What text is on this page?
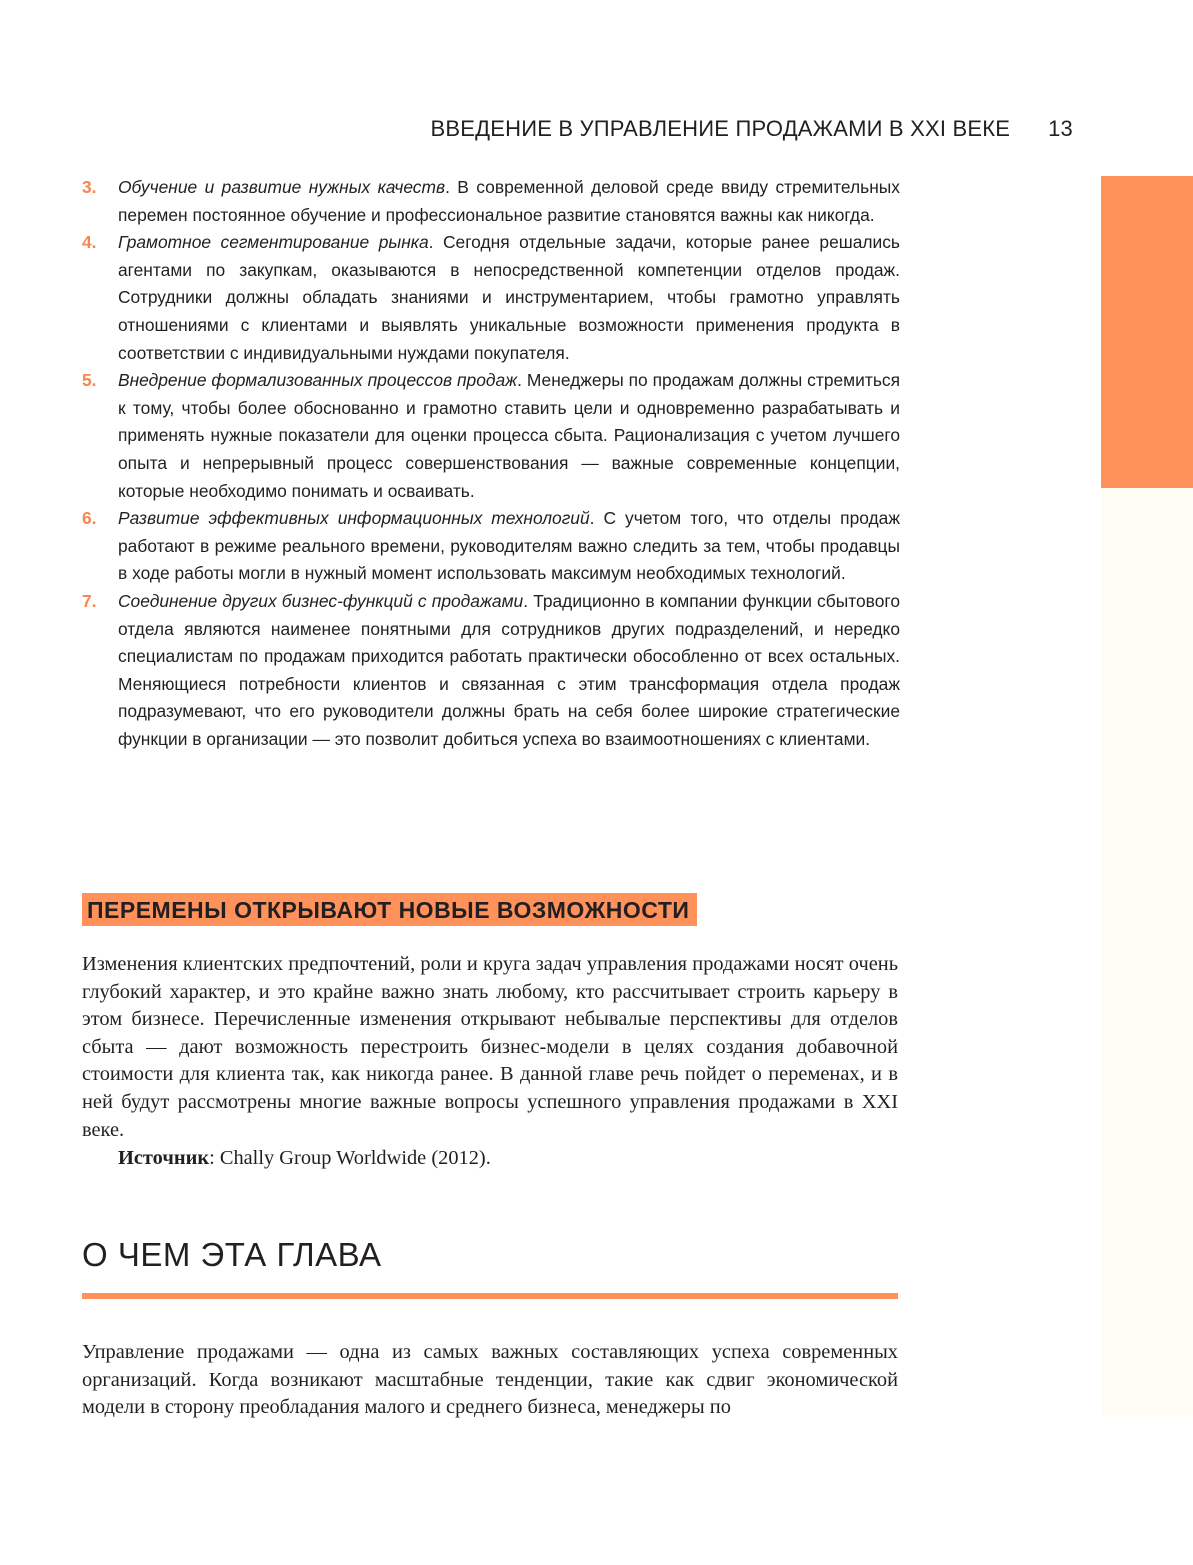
ВВЕДЕНИЕ В УПРАВЛЕНИЕ ПРОДАЖАМИ В XXI ВЕКЕ 13
3. Обучение и развитие нужных качеств. В современной деловой среде ввиду стремительных перемен постоянное обучение и профессиональное развитие становятся важны как никогда.
4. Грамотное сегментирование рынка. Сегодня отдельные задачи, которые ранее решались агентами по закупкам, оказываются в непосредственной компетенции отделов продаж. Сотрудники должны обладать знаниями и инструментарием, чтобы грамотно управлять отношениями с клиентами и выявлять уникальные возможности применения продукта в соответствии с индивидуальными нуждами покупателя.
5. Внедрение формализованных процессов продаж. Менеджеры по продажам должны стремиться к тому, чтобы более обоснованно и грамотно ставить цели и одновременно разрабатывать и применять нужные показатели для оценки процесса сбыта. Рационализация с учетом лучшего опыта и непрерывный процесс совершенствования — важные современные концепции, которые необходимо понимать и осваивать.
6. Развитие эффективных информационных технологий. С учетом того, что отделы продаж работают в режиме реального времени, руководителям важно следить за тем, чтобы продавцы в ходе работы могли в нужный момент использовать максимум необходимых технологий.
7. Соединение других бизнес-функций с продажами. Традиционно в компании функции сбытового отдела являются наименее понятными для сотрудников других подразделений, и нередко специалистам по продажам приходится работать практически обособленно от всех остальных. Меняющиеся потребности клиентов и связанная с этим трансформация отдела продаж подразумевают, что его руководители должны брать на себя более широкие стратегические функции в организации — это позволит добиться успеха во взаимоотношениях с клиентами.
ПЕРЕМЕНЫ ОТКРЫВАЮТ НОВЫЕ ВОЗМОЖНОСТИ

Изменения клиентских предпочтений, роли и круга задач управления продажами носят очень глубокий характер, и это крайне важно знать любому, кто рассчитывает строить карьеру в этом бизнесе. Перечисленные изменения открывают небывалые перспективы для отделов сбыта — дают возможность перестроить бизнес-модели в целях создания добавочной стоимости для клиента так, как никогда ранее. В данной главе речь пойдет о переменах, и в ней будут рассмотрены многие важные вопросы успешного управления продажами в XXI веке.

Источник: Chally Group Worldwide (2012).
О ЧЕМ ЭТА ГЛАВА

Управление продажами — одна из самых важных составляющих успеха современных организаций. Когда возникают масштабные тенденции, такие как сдвиг экономической модели в сторону преобладания малого и среднего бизнеса, менеджеры по
